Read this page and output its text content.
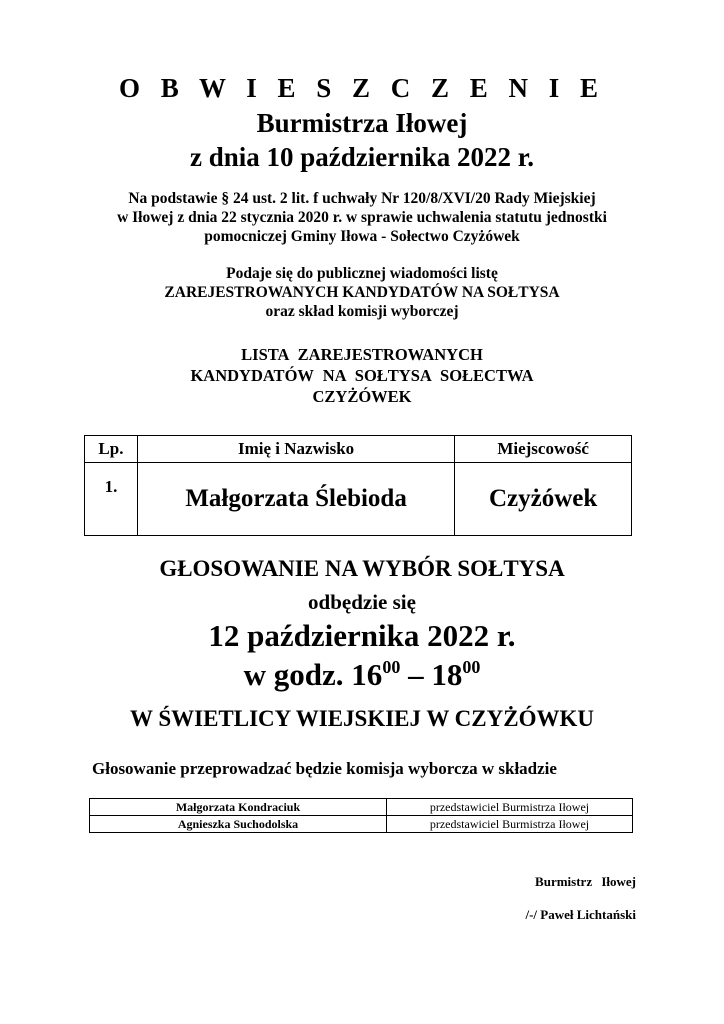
O B W I E S Z C Z E N I E
Burmistrza Iłowej
z dnia 10 października 2022 r.
Na podstawie § 24 ust. 2 lit. f uchwały Nr 120/8/XVI/20 Rady Miejskiej
w Iłowej z dnia 22 stycznia 2020 r. w sprawie uchwalenia statutu jednostki
pomocniczej Gminy Iłowa - Sołectwo Czyżówek
Podaje się do publicznej wiadomości listę
ZAREJESTROWANYCH KANDYDATÓW NA SOŁTYSA
oraz skład komisji wyborczej
LISTA ZAREJESTROWANYCH
KANDYDATÓW NA SOŁTYSA SOŁECTWA
CZYŻÓWEK
Lp.	Imię i Nazwisko	Miejscowość
1.	Małgorzata Ślebioda	Czyżówek
GŁOSOWANIE NA WYBÓR SOŁTYSA
odbędzie się
12 października 2022 r.
w godz. $16^{00} - 18^{00}$
W ŚWIETLICY WIEJSKIEJ W CZYŻÓWKU
Głosowanie przeprowadzać będzie komisja wyborcza w składzie
Małgorzata Kondraciuk	przedstawiciel Burmistrza Iłowej
Agnieszka Suchodolska	przedstawiciel Burmistrza Iłowej
Burmistrz Iłowej
/-/ Paweł Lichtański
